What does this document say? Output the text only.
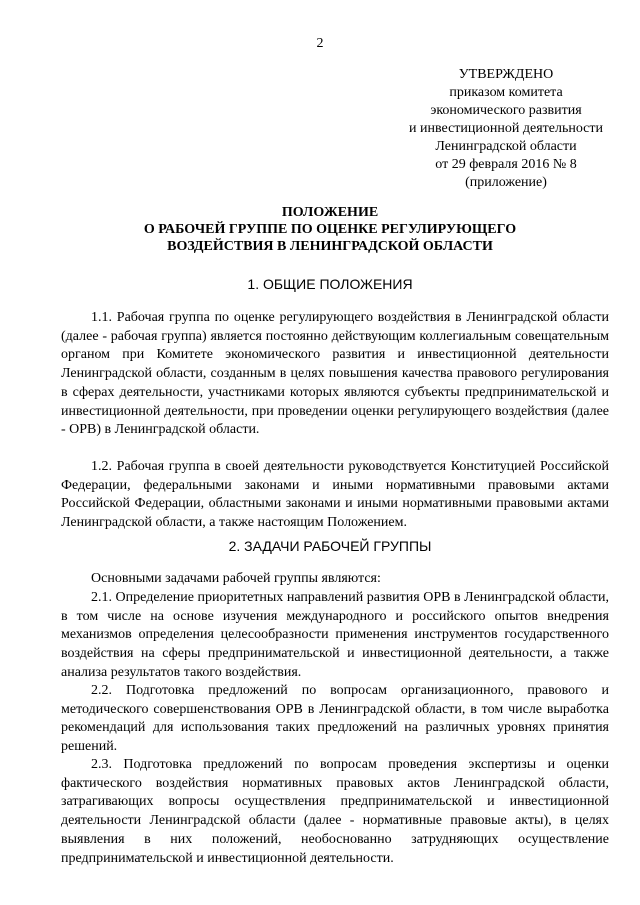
2
УТВЕРЖДЕНО
приказом комитета
экономического развития
и инвестиционной деятельности
Ленинградской области
от 29 февраля 2016 № 8
(приложение)
ПОЛОЖЕНИЕ
О РАБОЧЕЙ ГРУППЕ ПО ОЦЕНКЕ РЕГУЛИРУЮЩЕГО
ВОЗДЕЙСТВИЯ В ЛЕНИНГРАДСКОЙ ОБЛАСТИ
1. ОБЩИЕ ПОЛОЖЕНИЯ

1.1. Рабочая группа по оценке регулирующего воздействия в Ленинградской области (далее - рабочая группа) является постоянно действующим коллегиальным совещательным органом при Комитете экономического развития и инвестиционной деятельности Ленинградской области, созданным в целях повышения качества правового регулирования в сферах деятельности, участниками которых являются субъекты предпринимательской и инвестиционной деятельности, при проведении оценки регулирующего воздействия (далее - ОРВ) в Ленинградской области.

1.2. Рабочая группа в своей деятельности руководствуется Конституцией Российской Федерации, федеральными законами и иными нормативными правовыми актами Российской Федерации, областными законами и иными нормативными правовыми актами Ленинградской области, а также настоящим Положением.

2. ЗАДАЧИ РАБОЧЕЙ ГРУППЫ

Основными задачами рабочей группы являются:

2.1. Определение приоритетных направлений развития ОРВ в Ленинградской области, в том числе на основе изучения международного и российского опытов внедрения механизмов определения целесообразности применения инструментов государственного воздействия на сферы предпринимательской и инвестиционной деятельности, а также анализа результатов такого воздействия.

2.2. Подготовка предложений по вопросам организационного, правового и методического совершенствования ОРВ в Ленинградской области, в том числе выработка рекомендаций для использования таких предложений на различных уровнях принятия решений.

2.3. Подготовка предложений по вопросам проведения экспертизы и оценки фактического воздействия нормативных правовых актов Ленинградской области, затрагивающих вопросы осуществления предпринимательской и инвестиционной деятельности Ленинградской области (далее - нормативные правовые акты), в целях выявления в них положений, необоснованно затрудняющих осуществление предпринимательской и инвестиционной деятельности.
